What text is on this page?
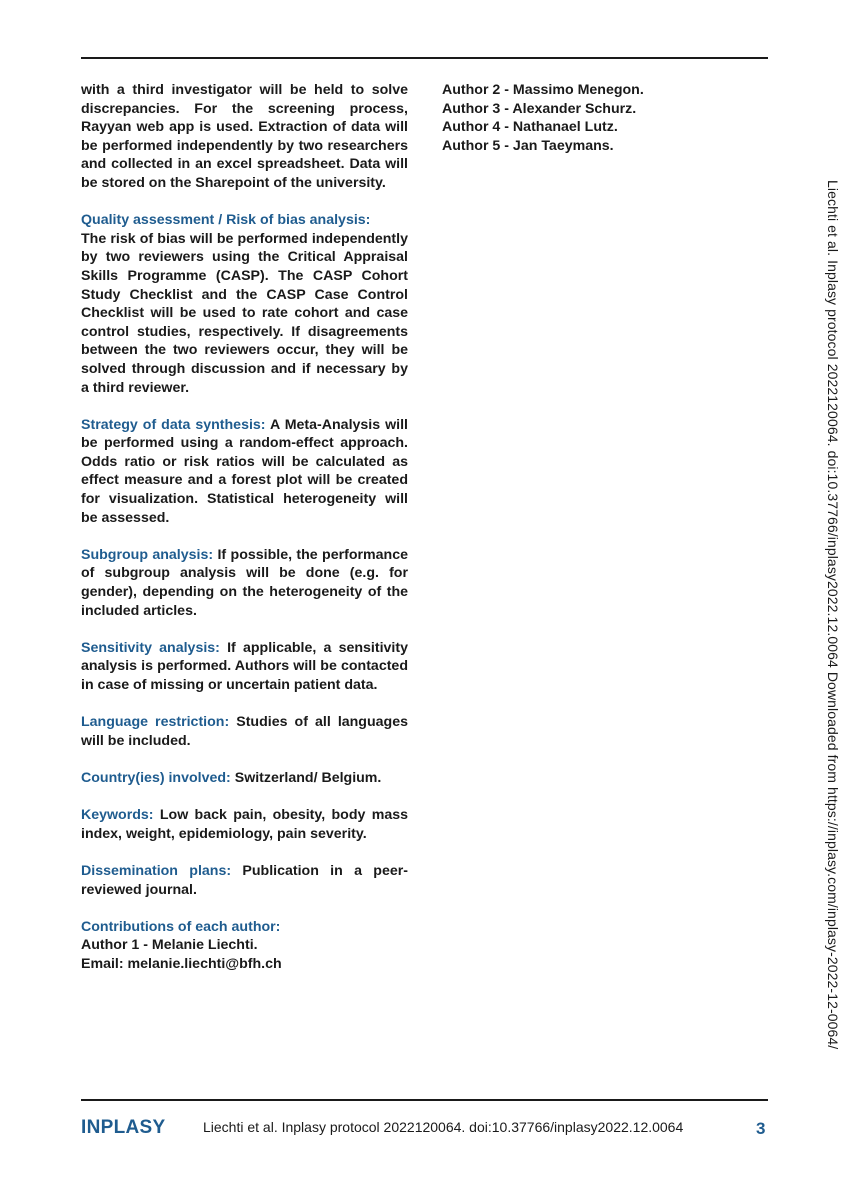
with a third investigator will be held to solve discrepancies. For the screening process, Rayyan web app is used. Extraction of data will be performed independently by two researchers and collected in an excel spreadsheet. Data will be stored on the Sharepoint of the university.

Quality assessment / Risk of bias analysis:
The risk of bias will be performed independently by two reviewers using the Critical Appraisal Skills Programme (CASP). The CASP Cohort Study Checklist and the CASP Case Control Checklist will be used to rate cohort and case control studies, respectively. If disagreements between the two reviewers occur, they will be solved through discussion and if necessary by a third reviewer.

Strategy of data synthesis: A Meta-Analysis will be performed using a random-effect approach. Odds ratio or risk ratios will be calculated as effect measure and a forest plot will be created for visualization. Statistical heterogeneity will be assessed.

Subgroup analysis: If possible, the performance of subgroup analysis will be done (e.g. for gender), depending on the heterogeneity of the included articles.

Sensitivity analysis: If applicable, a sensitivity analysis is performed. Authors will be contacted in case of missing or uncertain patient data.

Language restriction: Studies of all languages will be included.

Country(ies) involved: Switzerland/ Belgium.

Keywords: Low back pain, obesity, body mass index, weight, epidemiology, pain severity.

Dissemination plans: Publication in a peer-reviewed journal.

Contributions of each author:
Author 1 - Melanie Liechti.
Email: melanie.liechti@bfh.ch

Author 2 - Massimo Menegon.
Author 3 - Alexander Schurz.
Author 4 - Nathanael Lutz.
Author 5 - Jan Taeymans.
Liechti et al. Inplasy protocol 2022120064. doi:10.37766/inplasy2022.12.0064 Downloaded from https://inplasy.com/inplasy-2022-12-0064/
INPLASY	Liechti et al. Inplasy protocol 2022120064. doi:10.37766/inplasy2022.12.0064	3
